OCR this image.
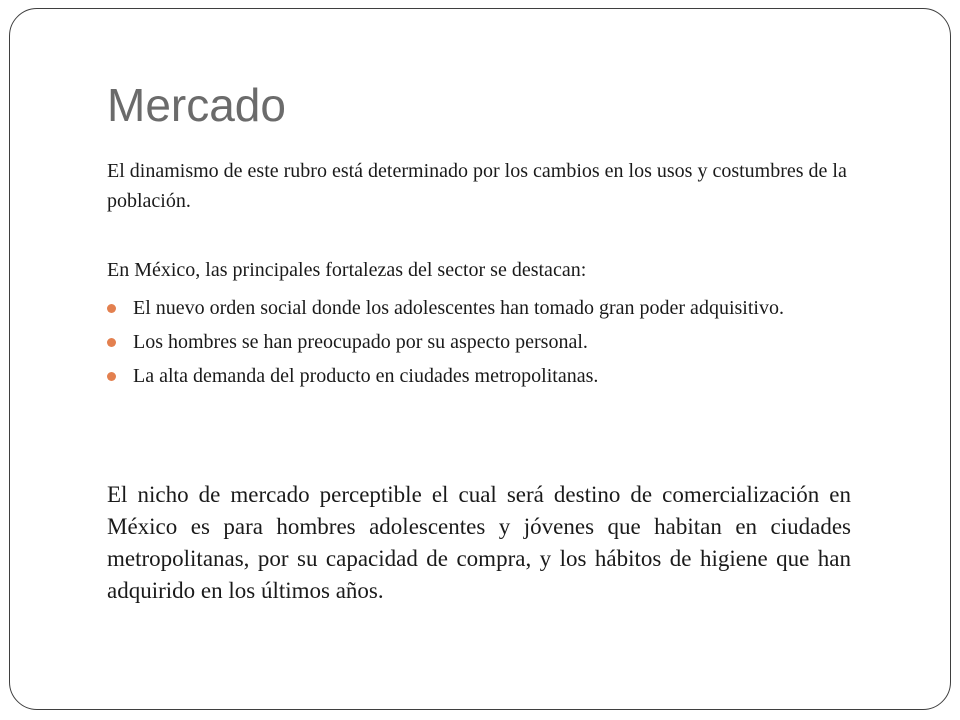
Mercado
El dinamismo de este rubro está determinado por los cambios en los usos y costumbres de la población.
En México, las principales fortalezas del sector se destacan:
El nuevo orden social donde los adolescentes han tomado gran poder adquisitivo.
Los hombres se han preocupado por su aspecto personal.
La alta demanda del producto en ciudades metropolitanas.
El nicho de mercado perceptible el cual será destino de comercialización en México es para hombres adolescentes y jóvenes que habitan en ciudades metropolitanas, por su capacidad de compra, y los hábitos de higiene que han adquirido en los últimos años.
